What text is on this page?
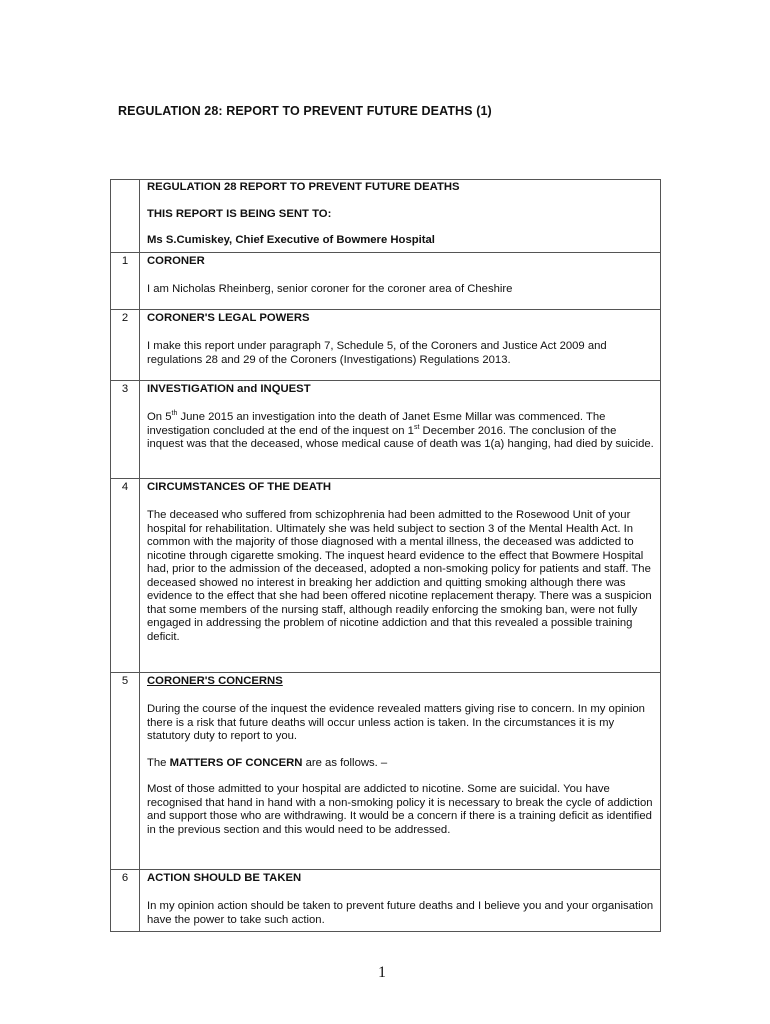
REGULATION 28: REPORT TO PREVENT FUTURE DEATHS (1)

	REGULATION 28 REPORT TO PREVENT FUTURE DEATHS
THIS REPORT IS BEING SENT TO:
Ms S.Cumiskey, Chief Executive of Bowmere Hospital

1	CORONER
I am Nicholas Rheinberg, senior coroner for the coroner area of Cheshire

2	CORONER'S LEGAL POWERS
I make this report under paragraph 7, Schedule 5, of the Coroners and Justice Act 2009 and regulations 28 and 29 of the Coroners (Investigations) Regulations 2013.

3	INVESTIGATION and INQUEST
On 5th June 2015 an investigation into the death of Janet Esme Millar was commenced. The investigation concluded at the end of the inquest on 1st December 2016. The conclusion of the inquest was that the deceased, whose medical cause of death was 1(a) hanging, had died by suicide.

4	CIRCUMSTANCES OF THE DEATH
The deceased who suffered from schizophrenia had been admitted to the Rosewood Unit of your hospital for rehabilitation. Ultimately she was held subject to section 3 of the Mental Health Act. In common with the majority of those diagnosed with a mental illness, the deceased was addicted to nicotine through cigarette smoking. The inquest heard evidence to the effect that Bowmere Hospital had, prior to the admission of the deceased, adopted a non-smoking policy for patients and staff. The deceased showed no interest in breaking her addiction and quitting smoking although there was evidence to the effect that she had been offered nicotine replacement therapy. There was a suspicion that some members of the nursing staff, although readily enforcing the smoking ban, were not fully engaged in addressing the problem of nicotine addiction and that this revealed a possible training deficit.

5	CORONER'S CONCERNS
During the course of the inquest the evidence revealed matters giving rise to concern. In my opinion there is a risk that future deaths will occur unless action is taken. In the circumstances it is my statutory duty to report to you.
The MATTERS OF CONCERN are as follows. –
Most of those admitted to your hospital are addicted to nicotine. Some are suicidal. You have recognised that hand in hand with a non-smoking policy it is necessary to break the cycle of addiction and support those who are withdrawing. It would be a concern if there is a training deficit as identified in the previous section and this would need to be addressed.

6	ACTION SHOULD BE TAKEN
In my opinion action should be taken to prevent future deaths and I believe you and your organisation have the power to take such action.
1
